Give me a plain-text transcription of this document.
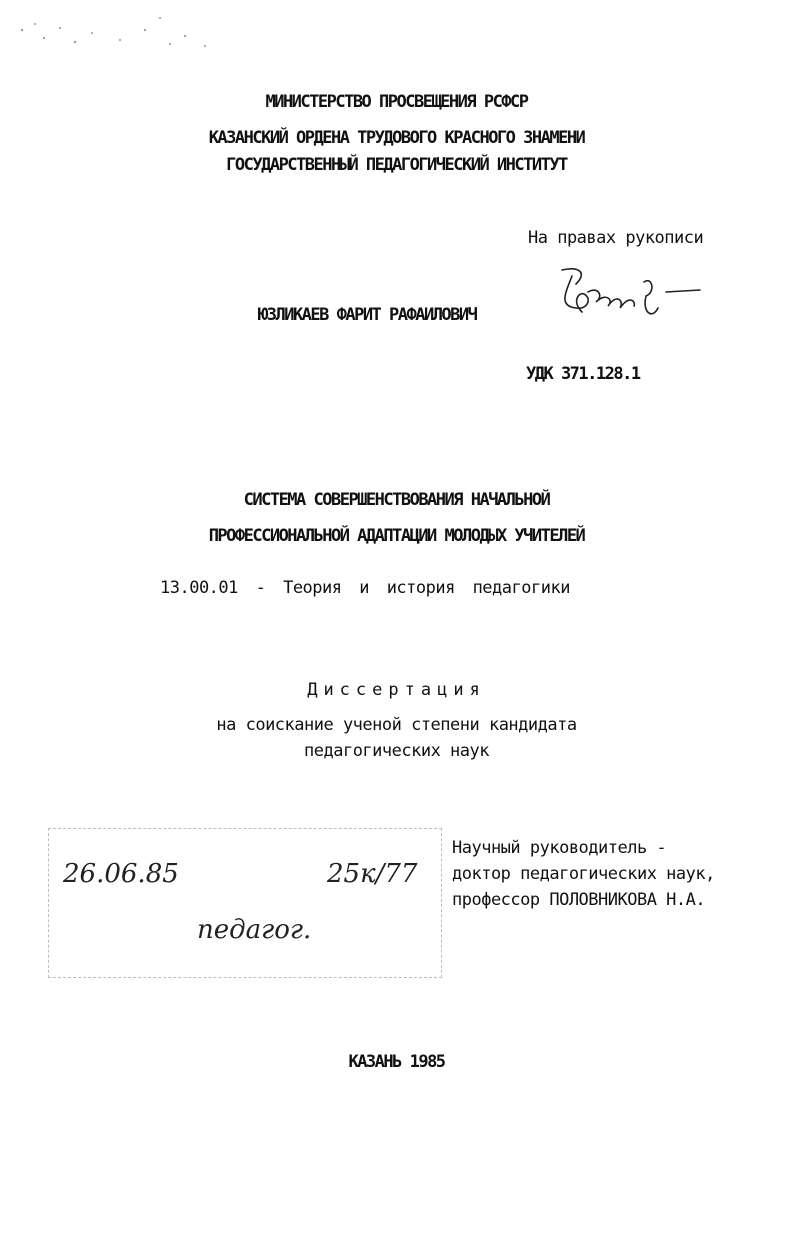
МИНИСТЕРСТВО ПРОСВЕЩЕНИЯ РСФСР
КАЗАНСКИЙ ОРДЕНА ТРУДОВОГО КРАСНОГО ЗНАМЕНИ
ГОСУДАРСТВЕННЫЙ ПЕДАГОГИЧЕСКИЙ ИНСТИТУТ
На правах рукописи
ЮЗЛИКАЕВ ФАРИТ РАФАИЛОВИЧ
УДК 371.128.1
СИСТЕМА СОВЕРШЕНСТВОВАНИЯ НАЧАЛЬНОЙ
ПРОФЕССИОНАЛЬНОЙ АДАПТАЦИИ МОЛОДЫХ УЧИТЕЛЕЙ
13.00.01 - Теория и история педагогики
Диссертация
на соискание ученой степени кандидата
педагогических наук
26.06.85	25к/77
педагог.
Научный руководитель -
доктор педагогических наук,
профессор ПОЛОВНИКОВА Н.А.
КАЗАНЬ 1985
